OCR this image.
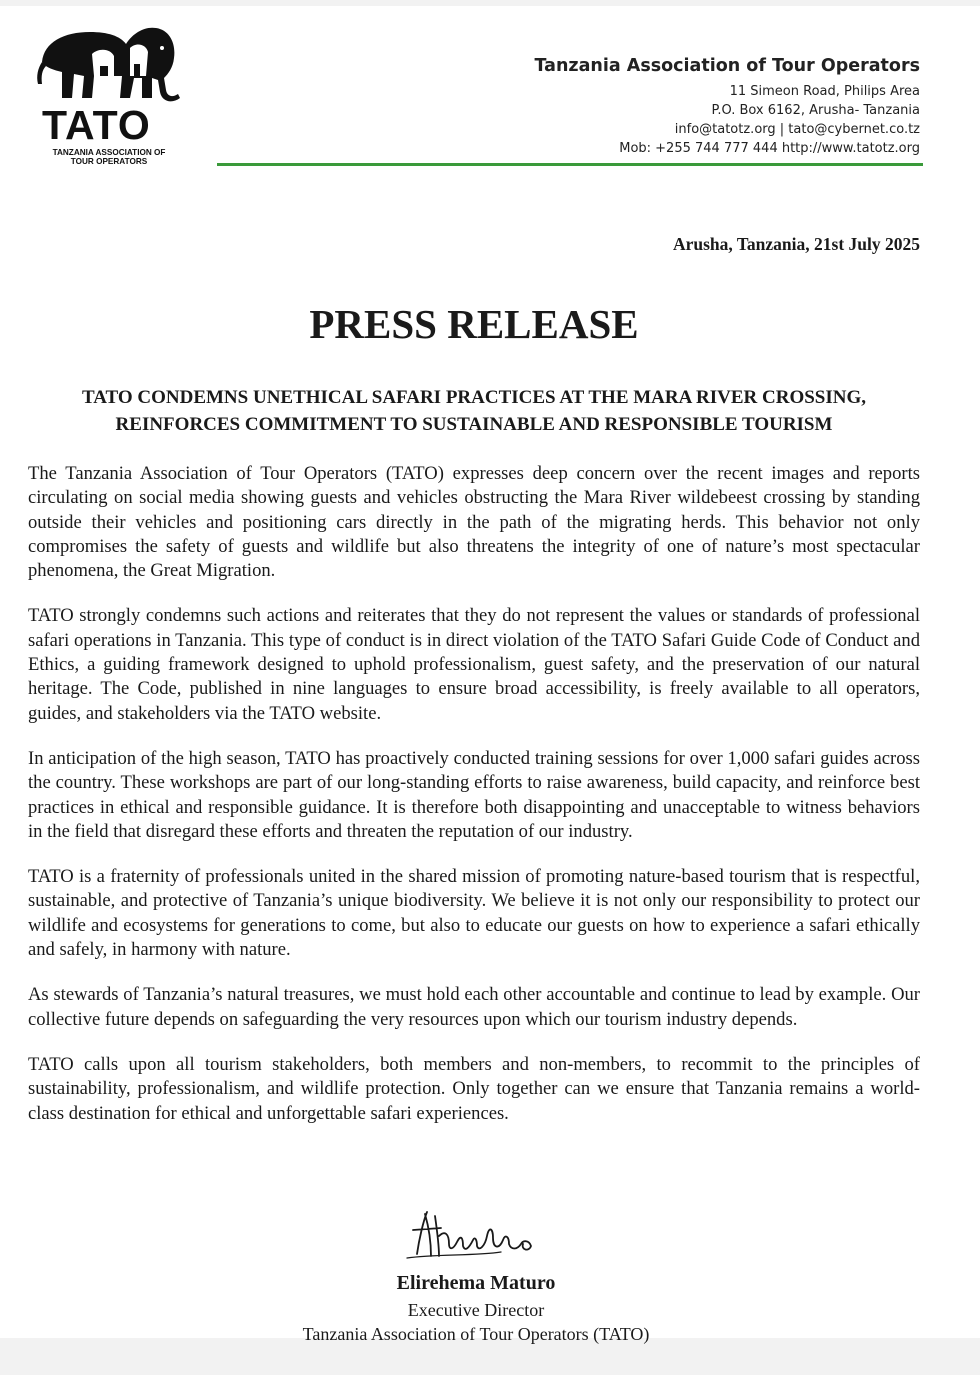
TATO
TANZANIA ASSOCIATION OF TOUR OPERATORS
Tanzania Association of Tour Operators
11 Simeon Road, Philips Area
P.O. Box 6162, Arusha- Tanzania
info@tatotz.org | tato@cybernet.co.tz
Mob: +255 744 777 444 http://www.tatotz.org
Arusha, Tanzania, 21st July 2025
PRESS RELEASE
TATO CONDEMNS UNETHICAL SAFARI PRACTICES AT THE MARA RIVER CROSSING,
REINFORCES COMMITMENT TO SUSTAINABLE AND RESPONSIBLE TOURISM

The Tanzania Association of Tour Operators (TATO) expresses deep concern over the recent images and reports circulating on social media showing guests and vehicles obstructing the Mara River wildebeest crossing by standing outside their vehicles and positioning cars directly in the path of the migrating herds. This behavior not only compromises the safety of guests and wildlife but also threatens the integrity of one of nature’s most spectacular phenomena, the Great Migration.

TATO strongly condemns such actions and reiterates that they do not represent the values or standards of professional safari operations in Tanzania. This type of conduct is in direct violation of the TATO Safari Guide Code of Conduct and Ethics, a guiding framework designed to uphold professionalism, guest safety, and the preservation of our natural heritage. The Code, published in nine languages to ensure broad accessibility, is freely available to all operators, guides, and stakeholders via the TATO website.

In anticipation of the high season, TATO has proactively conducted training sessions for over 1,000 safari guides across the country. These workshops are part of our long-standing efforts to raise awareness, build capacity, and reinforce best practices in ethical and responsible guidance. It is therefore both disappointing and unacceptable to witness behaviors in the field that disregard these efforts and threaten the reputation of our industry.

TATO is a fraternity of professionals united in the shared mission of promoting nature-based tourism that is respectful, sustainable, and protective of Tanzania’s unique biodiversity. We believe it is not only our responsibility to protect our wildlife and ecosystems for generations to come, but also to educate our guests on how to experience a safari ethically and safely, in harmony with nature.

As stewards of Tanzania’s natural treasures, we must hold each other accountable and continue to lead by example. Our collective future depends on safeguarding the very resources upon which our tourism industry depends.

TATO calls upon all tourism stakeholders, both members and non-members, to recommit to the principles of sustainability, professionalism, and wildlife protection. Only together can we ensure that Tanzania remains a world-class destination for ethical and unforgettable safari experiences.

Elirehema Maturo
Executive Director
Tanzania Association of Tour Operators (TATO)
